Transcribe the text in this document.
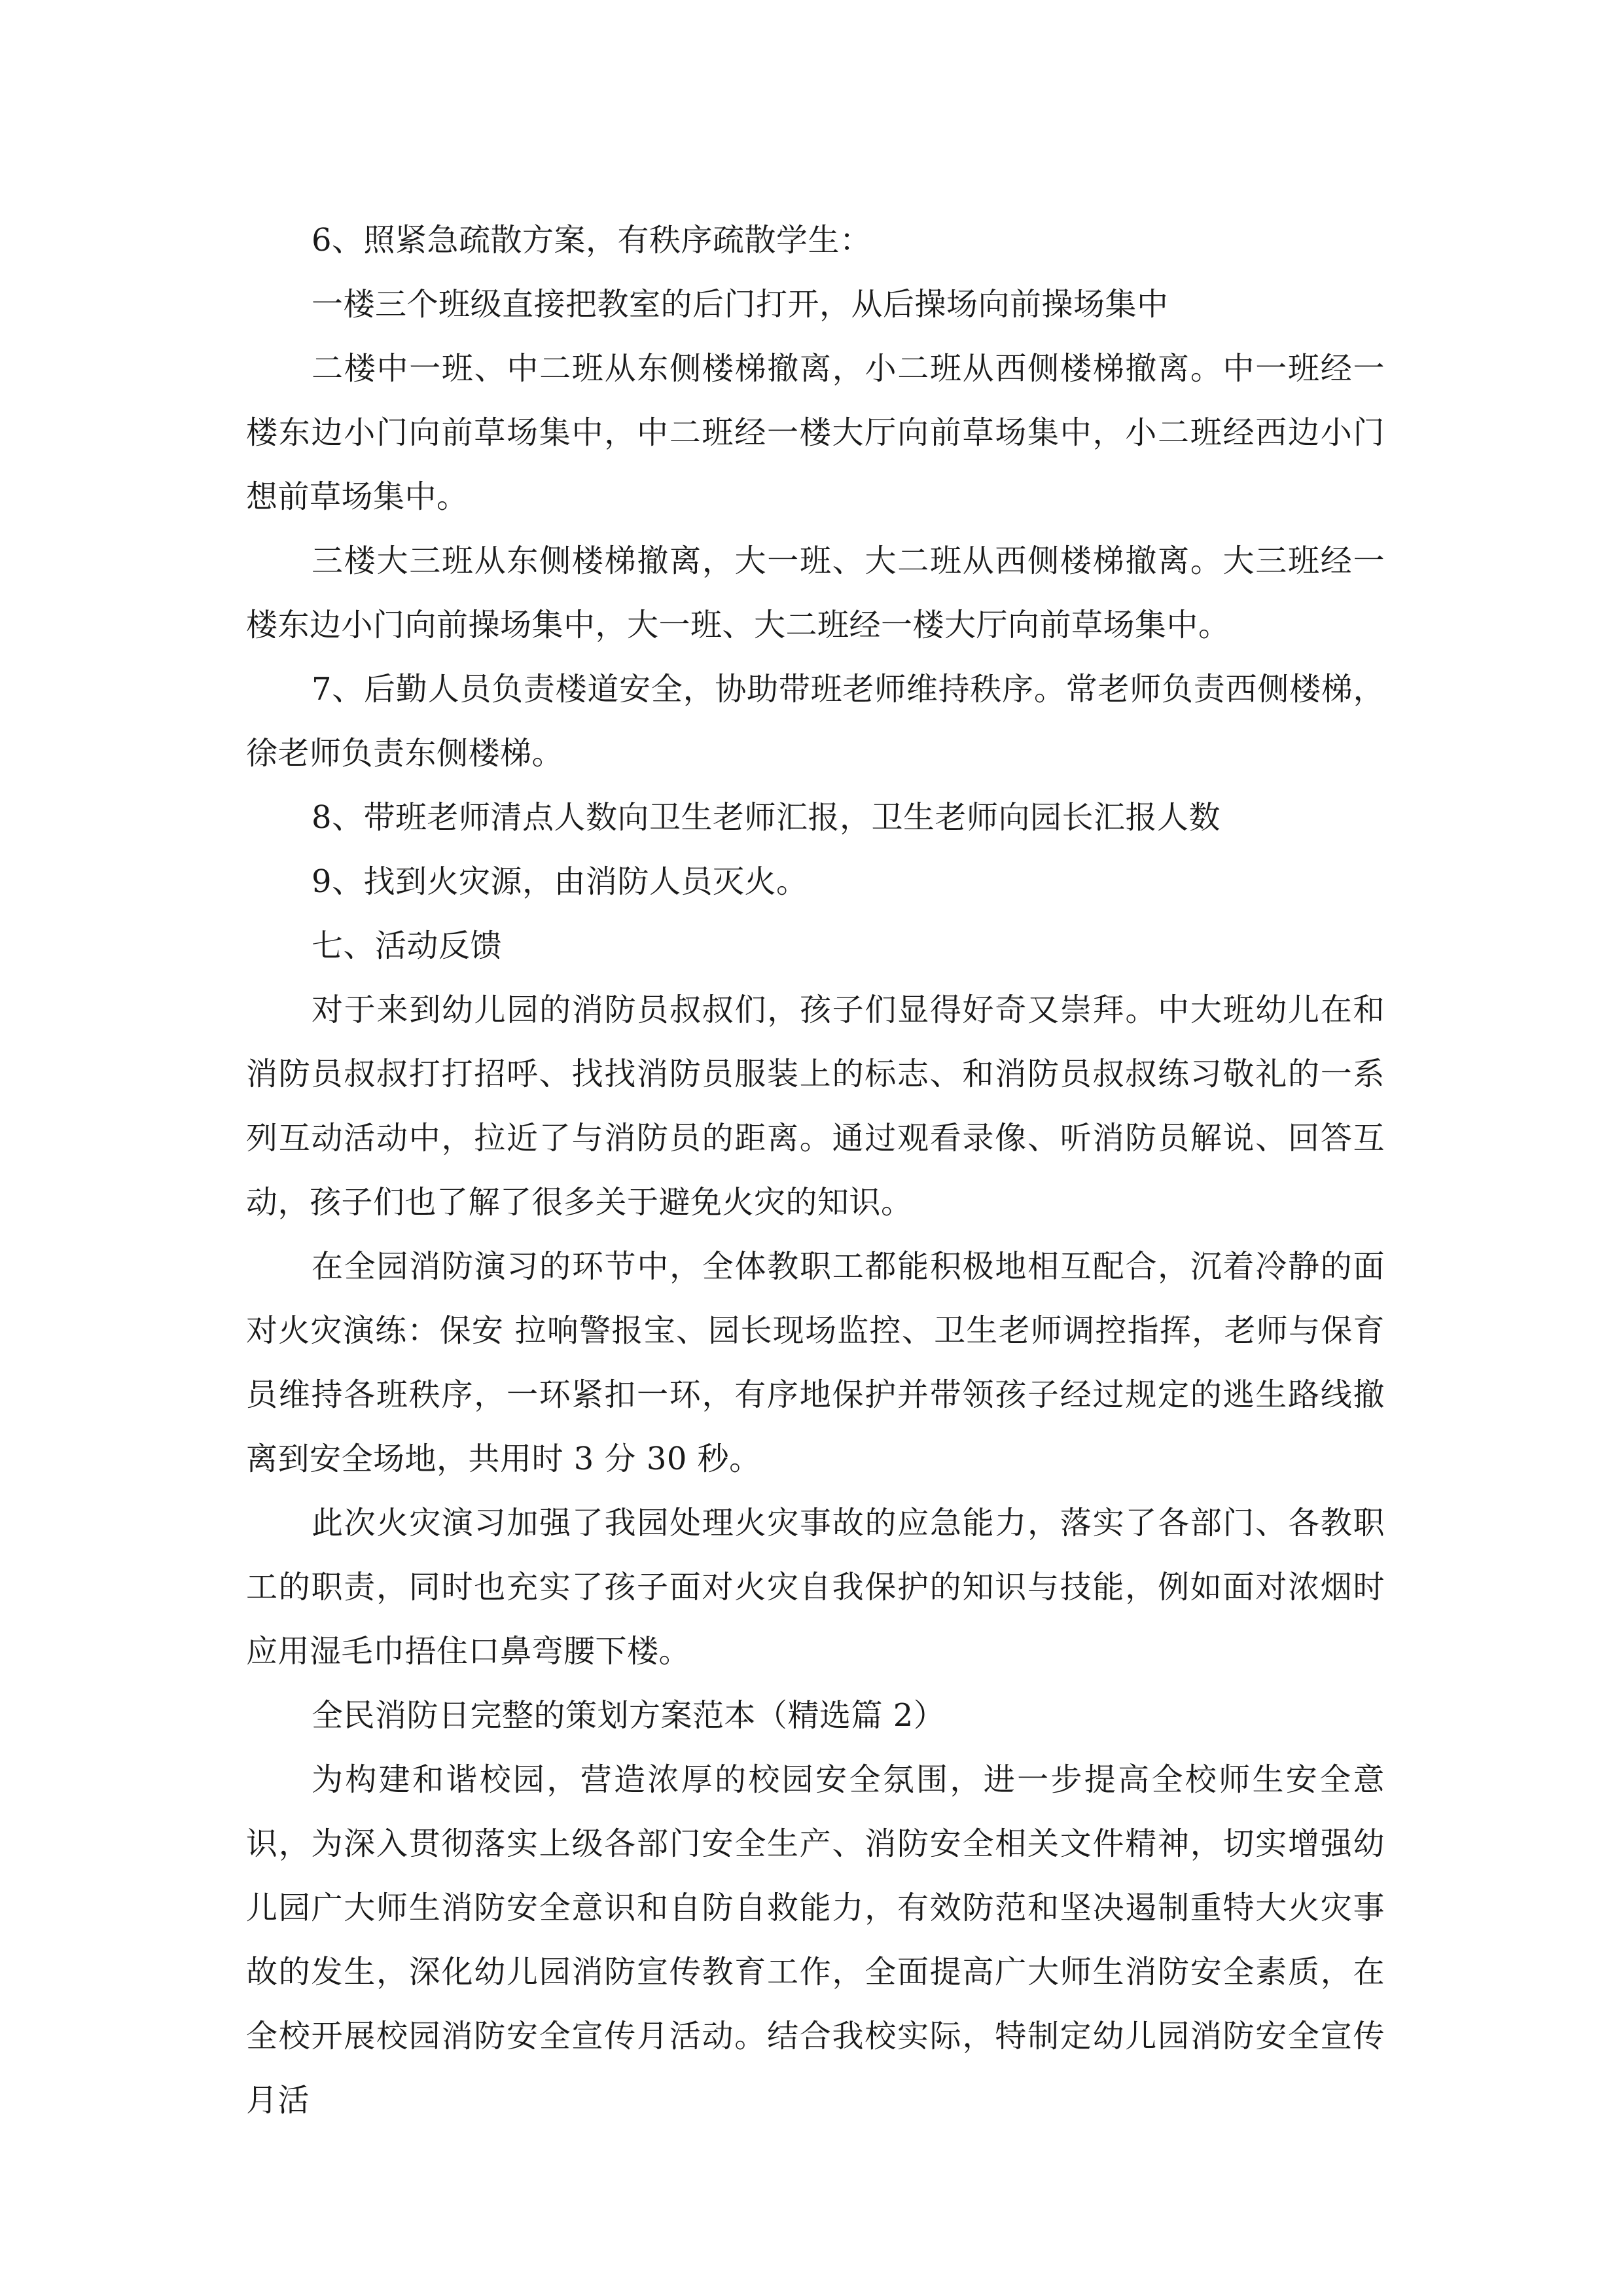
6、照紧急疏散方案，有秩序疏散学生：

一楼三个班级直接把教室的后门打开，从后操场向前操场集中

二楼中一班、中二班从东侧楼梯撤离，小二班从西侧楼梯撤离。中一班经一楼东边小门向前草场集中，中二班经一楼大厅向前草场集中，小二班经西边小门想前草场集中。

三楼大三班从东侧楼梯撤离，大一班、大二班从西侧楼梯撤离。大三班经一楼东边小门向前操场集中，大一班、大二班经一楼大厅向前草场集中。

7、后勤人员负责楼道安全，协助带班老师维持秩序。常老师负责西侧楼梯，徐老师负责东侧楼梯。

8、带班老师清点人数向卫生老师汇报，卫生老师向园长汇报人数

9、找到火灾源，由消防人员灭火。

七、活动反馈

对于来到幼儿园的消防员叔叔们，孩子们显得好奇又崇拜。中大班幼儿在和消防员叔叔打打招呼、找找消防员服装上的标志、和消防员叔叔练习敬礼的一系列互动活动中，拉近了与消防员的距离。通过观看录像、听消防员解说、回答互动，孩子们也了解了很多关于避免火灾的知识。

在全园消防演习的环节中，全体教职工都能积极地相互配合，沉着冷静的面对火灾演练：保安 拉响警报宝、园长现场监控、卫生老师调控指挥，老师与保育员维持各班秩序，一环紧扣一环，有序地保护并带领孩子经过规定的逃生路线撤离到安全场地，共用时 3 分 30 秒。

此次火灾演习加强了我园处理火灾事故的应急能力，落实了各部门、各教职工的职责，同时也充实了孩子面对火灾自我保护的知识与技能，例如面对浓烟时应用湿毛巾捂住口鼻弯腰下楼。

全民消防日完整的策划方案范本（精选篇 2）

为构建和谐校园，营造浓厚的校园安全氛围，进一步提高全校师生安全意识，为深入贯彻落实上级各部门安全生产、消防安全相关文件精神，切实增强幼儿园广大师生消防安全意识和自防自救能力，有效防范和坚决遏制重特大火灾事故的发生，深化幼儿园消防宣传教育工作，全面提高广大师生消防安全素质，在全校开展校园消防安全宣传月活动。结合我校实际，特制定幼儿园消防安全宣传月活
